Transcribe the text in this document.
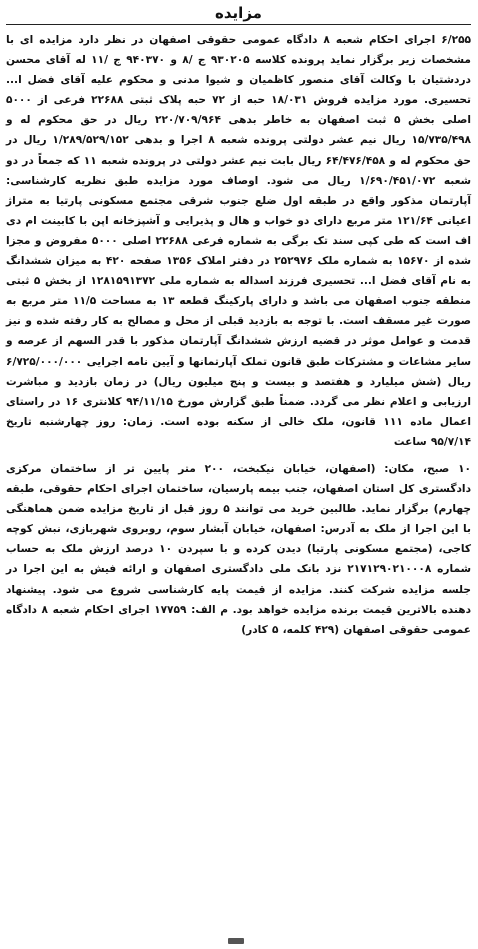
مزایده

۶/۲۵۵ اجرای احکام شعبه ۸ دادگاه عمومی حقوقی اصفهان در نظر دارد مزایده ای با مشخصات زیر برگزار نماید پرونده کلاسه ۹۳۰۲۰۵ ج /۸ و ۹۴۰۳۷۰ ج /۱۱ له آقای محسن دردشتیان با وکالت آقای منصور کاظمیان و شیوا مدنی و محکوم علیه آقای فضل ا... تحسیری. مورد مزایده فروش ۱۸/۰۳۱ حبه از ۷۲ حبه پلاک ثبتی ۲۲۶۸۸ فرعی از ۵۰۰۰ اصلی بخش ۵ ثبت اصفهان به خاطر بدهی ۲۲۰/۷۰۹/۹۶۴ ریال در حق محکوم له و ۱۵/۷۳۵/۴۹۸ ریال نیم عشر دولتی پرونده شعبه ۸ اجرا و بدهی ۱/۲۸۹/۵۲۹/۱۵۲ ریال در حق محکوم له و ۶۴/۴۷۶/۴۵۸ ریال بابت نیم عشر دولتی در پرونده شعبه ۱۱ که جمعاً در دو شعبه ۱/۶۹۰/۴۵۱/۰۷۲ ریال می شود. اوصاف مورد مزایده طبق نظریه کارشناسی: آپارتمان مذکور واقع در طبقه اول ضلع جنوب شرقی مجتمع مسکونی پارتیا به متراژ اعیانی ۱۲۱/۶۴ متر مربع دارای دو خواب و هال و پذیرایی و آشپزخانه اپن با کابینت ام دی اف است که طی کپی سند تک برگی به شماره فرعی ۲۲۶۸۸ اصلی ۵۰۰۰ مفروض و مجزا شده از ۱۵۶۷۰ به شماره ملک ۲۵۲۹۷۶ در دفتر املاک ۱۳۵۶ صفحه ۴۲۰ به میزان ششدانگ به نام آقای فضل ا... تحسیری فرزند اسداله به شماره ملی ۱۲۸۱۵۹۱۳۷۲ از بخش ۵ ثبتی منطقه جنوب اصفهان می باشد و دارای پارکینگ قطعه ۱۳ به مساحت ۱۱/۵ متر مربع به صورت غیر مسقف است. با توجه به بازدید قبلی از محل و مصالح به کار رفته شده و نیز قدمت و عوامل موثر در قضیه ارزش ششدانگ آپارتمان مذکور با قدر السهم از عرصه و سایر مشاعات و مشترکات طبق قانون تملک آپارتمانها و آیین نامه اجرایی ۶/۷۲۵/۰۰۰/۰۰۰ ریال (شش میلیارد و هفتصد و بیست و پنج میلیون ریال) در زمان بازدید و مباشرت ارزیابی و اعلام نظر می گردد. ضمناً طبق گزارش مورخ ۹۴/۱۱/۱۵ کلانتری ۱۶ در راستای اعمال ماده ۱۱۱ قانون، ملک خالی از سکنه بوده است. زمان: روز چهارشنبه تاریخ ۹۵/۷/۱۴ ساعت

۱۰ صبح، مکان: (اصفهان، خیابان نیکبخت، ۲۰۰ متر پایین تر از ساختمان مرکزی دادگستری کل استان اصفهان، جنب بیمه پارسیان، ساختمان اجرای احکام حقوقی، طبقه چهارم) برگزار نماید. طالبین خرید می توانند ۵ روز قبل از تاریخ مزایده ضمن هماهنگی با این اجرا از ملک به آدرس: اصفهان، خیابان آبشار سوم، روبروی شهربازی، نبش کوچه کاجی، (مجتمع مسکونی پارتیا) دیدن کرده و با سپردن ۱۰ درصد ارزش ملک به حساب شماره ۲۱۷۱۲۹۰۲۱۰۰۰۸ نزد بانک ملی دادگستری اصفهان و ارائه فیش به این اجرا در جلسه مزایده شرکت کنند. مزایده از قیمت پایه کارشناسی شروع می شود. پیشنهاد دهنده بالاترین قیمت برنده مزایده خواهد بود. م الف: ۱۷۷۵۹ اجرای احکام شعبه ۸ دادگاه عمومی حقوقی اصفهان (۴۲۹ کلمه، ۵ کادر)
